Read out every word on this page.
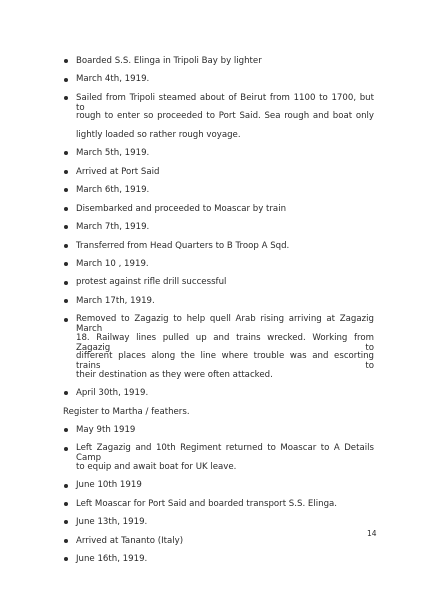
Boarded S.S. Elinga in Tripoli Bay by lighter
March 4th, 1919.
Sailed from Tripoli steamed about of Beirut from 1100 to 1700, but to
rough to enter so proceeded to Port Said. Sea rough and boat only
lightly loaded so rather rough voyage.
March 5th, 1919.
Arrived at Port Said
March 6th, 1919.
Disembarked and proceeded to Moascar by train
March 7th, 1919.
Transferred from Head Quarters to B Troop A Sqd.
March 10 , 1919.
protest against rifle drill successful
March 17th, 1919.
Removed to Zagazig to help quell Arab rising arriving at Zagazig March
18. Railway lines pulled up and trains wrecked. Working from Zagazig to
different places along the line where trouble was and escorting trains to
their destination as they were often attacked.
April 30th, 1919.
Register to Martha / feathers.
May 9th 1919
Left Zagazig and 10th Regiment returned to Moascar to A Details Camp
to equip and await boat for UK leave.
June 10th 1919
Left Moascar for Port Said and boarded transport S.S. Elinga.
June 13th, 1919.
Arrived at Tananto (Italy)
June 16th, 1919.
14
